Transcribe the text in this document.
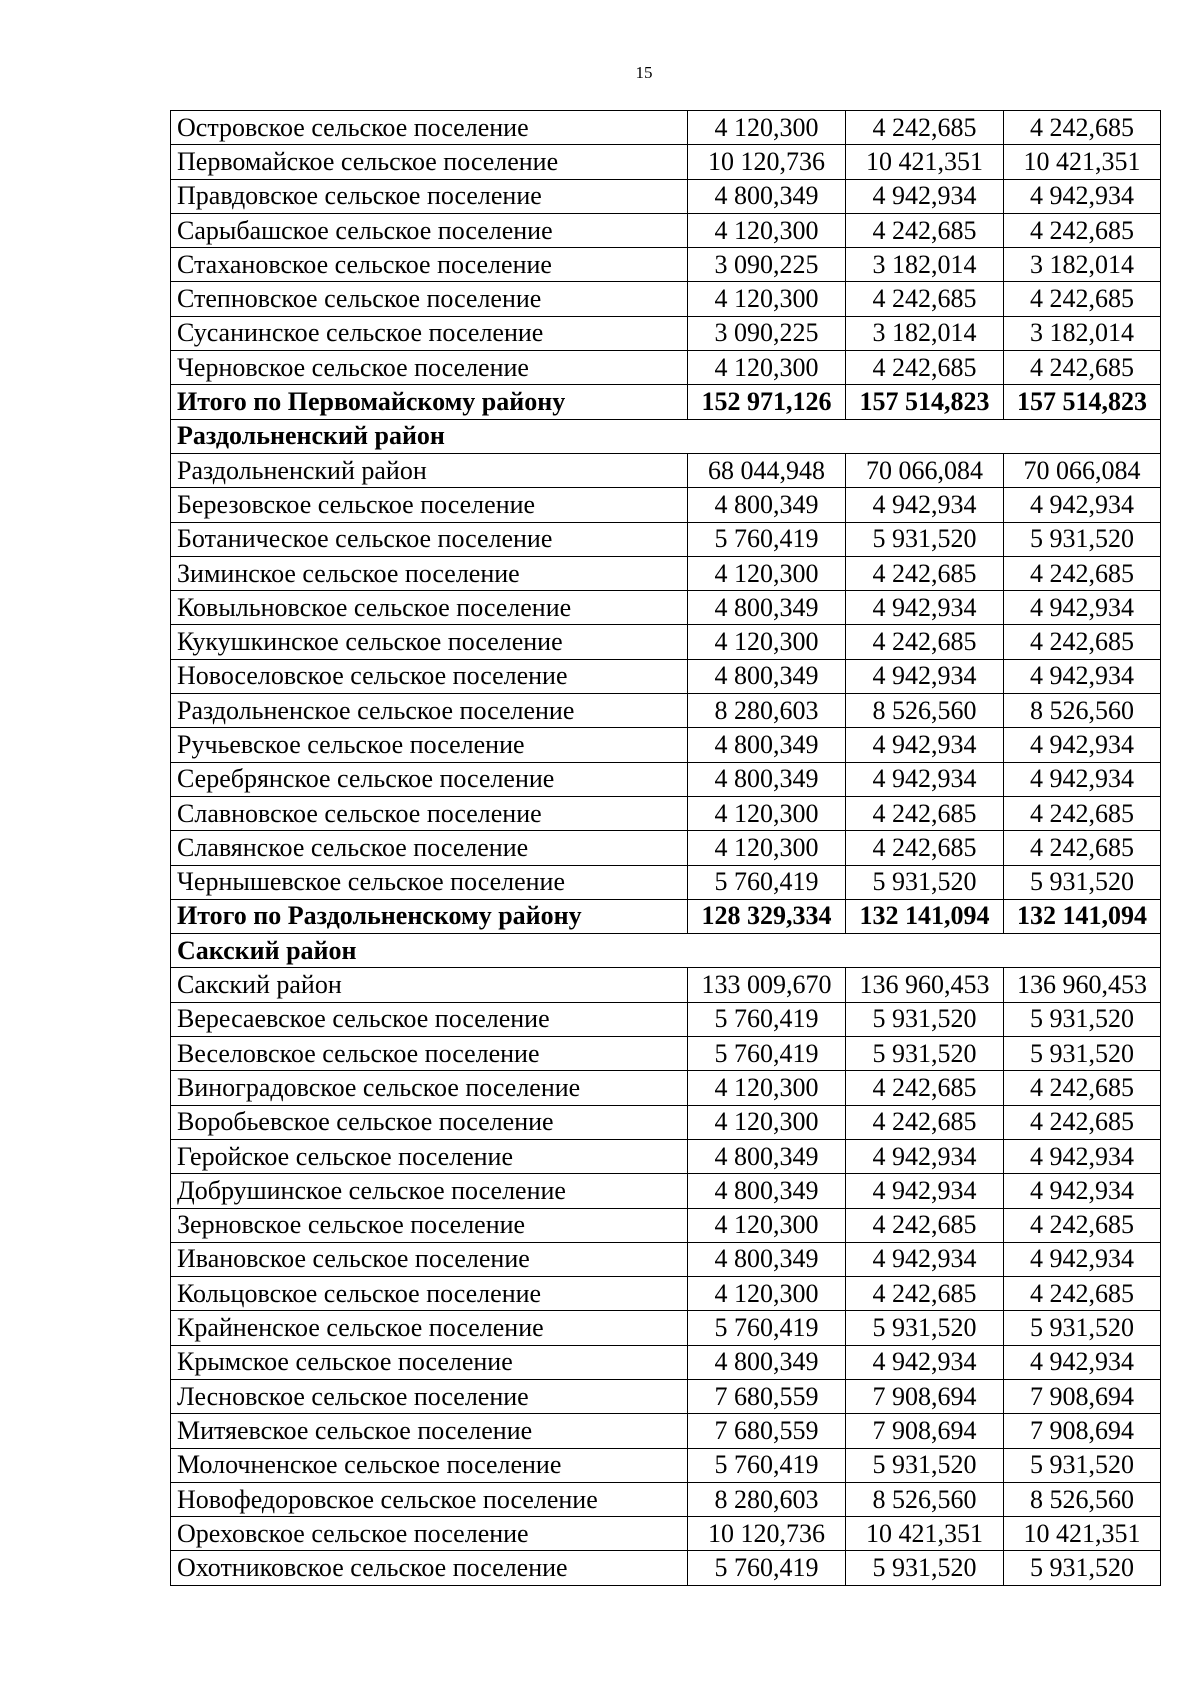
15
Островское сельское поселение	4 120,300	4 242,685	4 242,685
Первомайское сельское поселение	10 120,736	10 421,351	10 421,351
Правдовское сельское поселение	4 800,349	4 942,934	4 942,934
Сарыбашское сельское поселение	4 120,300	4 242,685	4 242,685
Стахановское сельское поселение	3 090,225	3 182,014	3 182,014
Степновское сельское поселение	4 120,300	4 242,685	4 242,685
Сусанинское сельское поселение	3 090,225	3 182,014	3 182,014
Черновское сельское поселение	4 120,300	4 242,685	4 242,685
Итого по Первомайскому району	152 971,126	157 514,823	157 514,823
Раздольненский район			
Раздольненский район	68 044,948	70 066,084	70 066,084
Березовское сельское поселение	4 800,349	4 942,934	4 942,934
Ботаническое сельское поселение	5 760,419	5 931,520	5 931,520
Зиминское сельское поселение	4 120,300	4 242,685	4 242,685
Ковыльновское сельское поселение	4 800,349	4 942,934	4 942,934
Кукушкинское сельское поселение	4 120,300	4 242,685	4 242,685
Новоселовское сельское поселение	4 800,349	4 942,934	4 942,934
Раздольненское сельское поселение	8 280,603	8 526,560	8 526,560
Ручьевское сельское поселение	4 800,349	4 942,934	4 942,934
Серебрянское сельское поселение	4 800,349	4 942,934	4 942,934
Славновское сельское поселение	4 120,300	4 242,685	4 242,685
Славянское сельское поселение	4 120,300	4 242,685	4 242,685
Чернышевское сельское поселение	5 760,419	5 931,520	5 931,520
Итого по Раздольненскому району	128 329,334	132 141,094	132 141,094
Сакский район			
Сакский район	133 009,670	136 960,453	136 960,453
Вересаевское сельское поселение	5 760,419	5 931,520	5 931,520
Веселовское сельское поселение	5 760,419	5 931,520	5 931,520
Виноградовское сельское поселение	4 120,300	4 242,685	4 242,685
Воробьевское сельское поселение	4 120,300	4 242,685	4 242,685
Геройское сельское поселение	4 800,349	4 942,934	4 942,934
Добрушинское сельское поселение	4 800,349	4 942,934	4 942,934
Зерновское сельское поселение	4 120,300	4 242,685	4 242,685
Ивановское сельское поселение	4 800,349	4 942,934	4 942,934
Кольцовское сельское поселение	4 120,300	4 242,685	4 242,685
Крайненское сельское поселение	5 760,419	5 931,520	5 931,520
Крымское сельское поселение	4 800,349	4 942,934	4 942,934
Лесновское сельское поселение	7 680,559	7 908,694	7 908,694
Митяевское сельское поселение	7 680,559	7 908,694	7 908,694
Молочненское сельское поселение	5 760,419	5 931,520	5 931,520
Новофедоровское сельское поселение	8 280,603	8 526,560	8 526,560
Ореховское сельское поселение	10 120,736	10 421,351	10 421,351
Охотниковское сельское поселение	5 760,419	5 931,520	5 931,520
